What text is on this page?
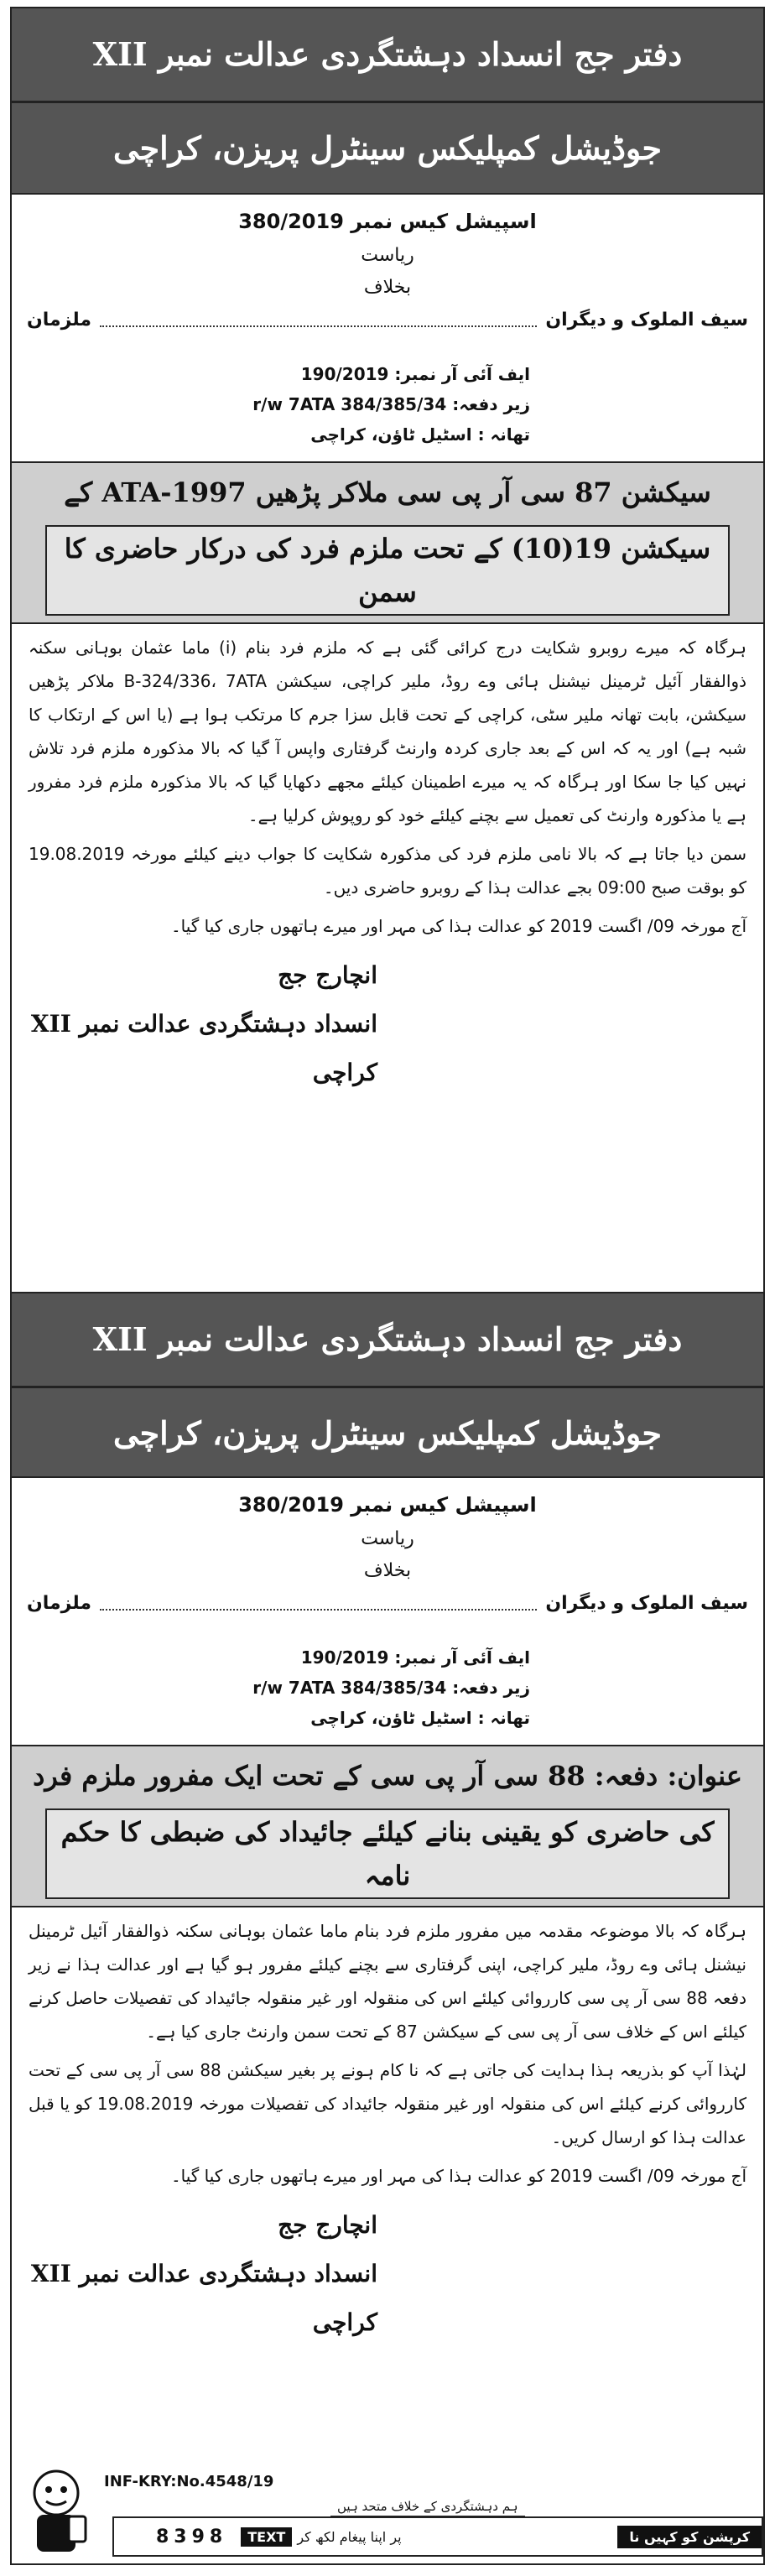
دفتر جج انسداد دہشتگردی عدالت نمبر XII
جوڈیشل کمپلیکس سینٹرل پریزن، کراچی
اسپیشل کیس نمبر 380/2019
ریاست
بخلاف
سیف الملوک و دیگران
ملزمان
ایف آئی آر نمبر: 190/2019
زیر دفعہ: 384/385/34 r/w 7ATA
تھانہ : اسٹیل ٹاؤن، کراچی
سیکشن 87 سی آر پی سی ملاکر پڑھیں ATA-1997 کے
سیکشن 19(10) کے تحت ملزم فرد کی درکار حاضری کا سمن

ہرگاہ کہ میرے روبرو شکایت درج کرائی گئی ہے کہ ملزم فرد بنام (i) ماما عثمان بوہانی سکنہ ذوالفقار آئیل ٹرمینل نیشنل ہائی وے روڈ، ملیر کراچی، سیکشن B-324/336، 7ATA ملاکر پڑھیں سیکشن، بابت تھانہ ملیر سٹی، کراچی کے تحت قابل سزا جرم کا مرتکب ہوا ہے (یا اس کے ارتکاب کا شبہ ہے) اور یہ کہ اس کے بعد جاری کردہ وارنٹ گرفتاری واپس آ گیا کہ بالا مذکورہ ملزم فرد تلاش نہیں کیا جا سکا اور ہرگاہ کہ یہ میرے اطمینان کیلئے مجھے دکھایا گیا کہ بالا مذکورہ ملزم فرد مفرور ہے یا مذکورہ وارنٹ کی تعمیل سے بچنے کیلئے خود کو روپوش کرلیا ہے۔

سمن دیا جاتا ہے کہ بالا نامی ملزم فرد کی مذکورہ شکایت کا جواب دینے کیلئے مورخہ 19.08.2019 کو بوقت صبح 09:00 بجے عدالت ہذا کے روبرو حاضری دیں۔

آج مورخہ 09/ اگست 2019 کو عدالت ہذا کی مہر اور میرے ہاتھوں جاری کیا گیا۔

انچارج جج
انسداد دہشتگردی عدالت نمبر XII
کراچی
دفتر جج انسداد دہشتگردی عدالت نمبر XII
جوڈیشل کمپلیکس سینٹرل پریزن، کراچی
اسپیشل کیس نمبر 380/2019
ریاست
بخلاف
سیف الملوک و دیگران
ملزمان
ایف آئی آر نمبر: 190/2019
زیر دفعہ: 384/385/34 r/w 7ATA
تھانہ : اسٹیل ٹاؤن، کراچی
عنوان: دفعہ: 88 سی آر پی سی کے تحت ایک مفرور ملزم فرد
کی حاضری کو یقینی بنانے کیلئے جائیداد کی ضبطی کا حکم نامہ

ہرگاہ کہ بالا موضوعہ مقدمہ میں مفرور ملزم فرد بنام ماما عثمان بوہانی سکنہ ذوالفقار آئیل ٹرمینل نیشنل ہائی وے روڈ، ملیر کراچی، اپنی گرفتاری سے بچنے کیلئے مفرور ہو گیا ہے اور عدالت ہذا نے زیر دفعہ 88 سی آر پی سی کارروائی کیلئے اس کی منقولہ اور غیر منقولہ جائیداد کی تفصیلات حاصل کرنے کیلئے اس کے خلاف سی آر پی سی کے سیکشن 87 کے تحت سمن وارنٹ جاری کیا ہے۔

لہٰذا آپ کو بذریعہ ہذا ہدایت کی جاتی ہے کہ نا کام ہونے پر بغیر سیکشن 88 سی آر پی سی کے تحت کارروائی کرنے کیلئے اس کی منقولہ اور غیر منقولہ جائیداد کی تفصیلات مورخہ 19.08.2019 کو یا قبل عدالت ہذا کو ارسال کریں۔

آج مورخہ 09/ اگست 2019 کو عدالت ہذا کی مہر اور میرے ہاتھوں جاری کیا گیا۔

انچارج جج
انسداد دہشتگردی عدالت نمبر XII
کراچی
INF-KRY:No.4548/19
ہم دہشتگردی کے خلاف متحد ہیں
کرپشن کو کہیں نا
پر اپنا پیغام لکھ کر
TEXT
8398
